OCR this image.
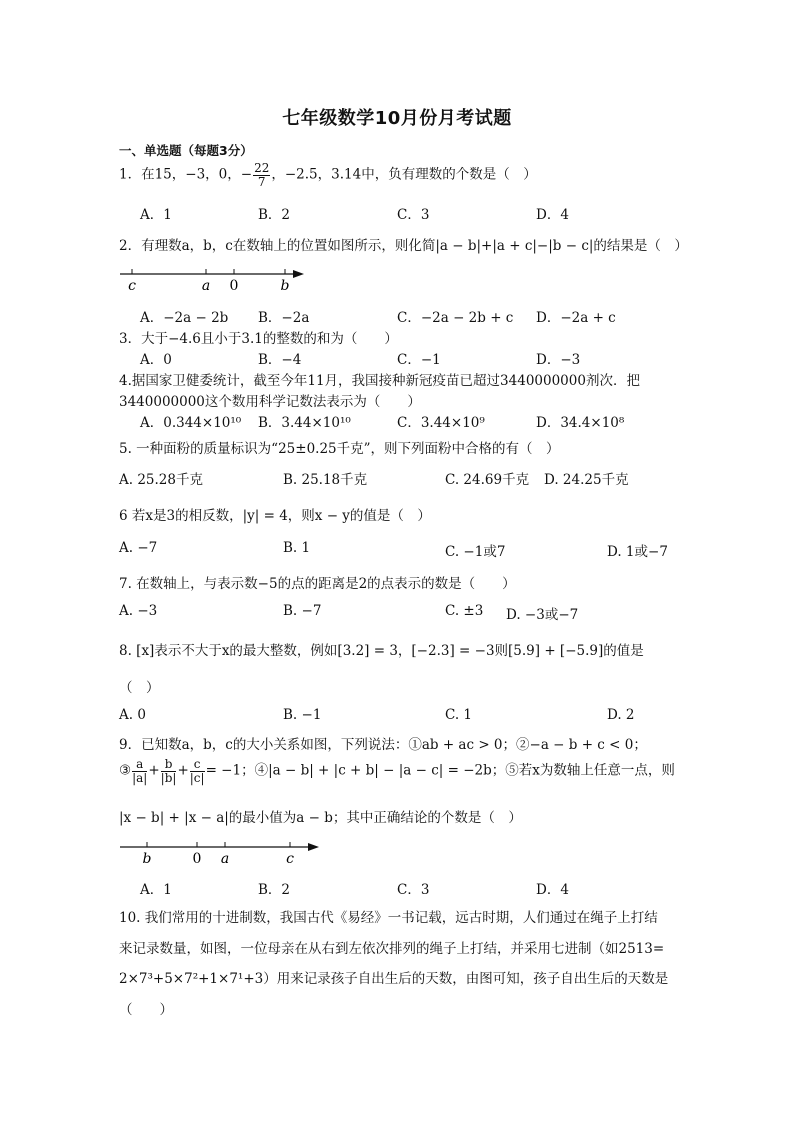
七年级数学10月份月考试题
一、单选题（每题3分）
1．在15，−3，0，− $\frac{22}{7}$ ，−2.5，3.14中，负有理数的个数是（　）
A．1	B．2	C．3	D．4
2．有理数a，b，c在数轴上的位置如图所示，则化简|a − b|+|a + c|−|b − c|的结果是（　）
c	a 0	b
A．−2a − 2b B．−2a	C．−2a − 2b + c D．−2a + c
3．大于−4.6且小于3.1的整数的和为（　　）
A．0	B．−4	C．−1	D．−3
4.据国家卫健委统计，截至今年11月，我国接种新冠疫苗已超过3440000000剂次．把
3440000000这个数用科学记数法表示为（　　）
A．0.344×10¹⁰ B．3.44×10¹⁰	C．3.44×10⁹	D．34.4×10⁸
5. 一种面粉的质量标识为“25±0.25千克”，则下列面粉中合格的有（　）
A. 25.28千克	B. 25.18千克	C. 24.69千克 D. 24.25千克
6 若x是3的相反数，|y| = 4，则x − y的值是（　）
A. −7	B. 1	C. −1或7	D. 1或−7
7. 在数轴上，与表示数−5的点的距离是2的点表示的数是（　　）
A. −3	B. −7	C. ±3 D. −3或−7
8. [x]表示不大于x的最大整数，例如[3.2] = 3，[−2.3] = −3则[5.9] + [−5.9]的值是
（　）
A. 0	B. −1	C. 1	D. 2
9．已知数a，b，c的大小关系如图，下列说法：①ab + ac > 0；②−a − b + c < 0；
③ $\frac{a}{|a|} + \frac{b}{|b|} + \frac{c}{|c|} = -1$；④|a − b| + |c + b| − |a − c| = −2b；⑤若x为数轴上任意一点，则
|x − b| + |x − a|的最小值为a − b；其中正确结论的个数是（　）
b	0 a	c
A．1	B．2	C．3	D．4
10. 我们常用的十进制数，我国古代《易经》一书记载，远古时期，人们通过在绳子上打结
来记录数量，如图，一位母亲在从右到左依次排列的绳子上打结，并采用七进制（如2513=
2×7³+5×7²+1×7¹+3）用来记录孩子自出生后的天数，由图可知，孩子自出生后的天数是
（　　）
